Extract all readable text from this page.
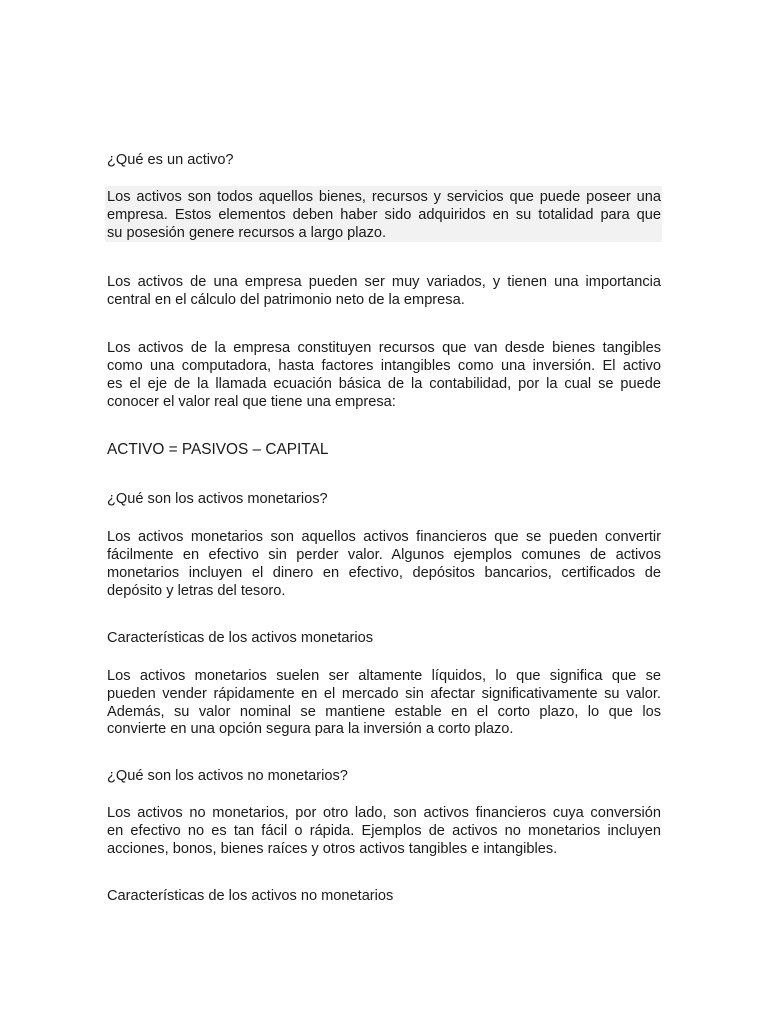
¿Qué es un activo?
Los activos son todos aquellos bienes, recursos y servicios que puede poseer una
empresa. Estos elementos deben haber sido adquiridos en su totalidad para que
su posesión genere recursos a largo plazo.
Los activos de una empresa pueden ser muy variados, y tienen una importancia
central en el cálculo del patrimonio neto de la empresa.
Los activos de la empresa constituyen recursos que van desde bienes tangibles
como una computadora, hasta factores intangibles como una inversión. El activo
es el eje de la llamada ecuación básica de la contabilidad, por la cual se puede
conocer el valor real que tiene una empresa:
ACTIVO = PASIVOS – CAPITAL
¿Qué son los activos monetarios?
Los activos monetarios son aquellos activos financieros que se pueden convertir
fácilmente en efectivo sin perder valor. Algunos ejemplos comunes de activos
monetarios incluyen el dinero en efectivo, depósitos bancarios, certificados de
depósito y letras del tesoro.
Características de los activos monetarios
Los activos monetarios suelen ser altamente líquidos, lo que significa que se
pueden vender rápidamente en el mercado sin afectar significativamente su valor.
Además, su valor nominal se mantiene estable en el corto plazo, lo que los
convierte en una opción segura para la inversión a corto plazo.
¿Qué son los activos no monetarios?
Los activos no monetarios, por otro lado, son activos financieros cuya conversión
en efectivo no es tan fácil o rápida. Ejemplos de activos no monetarios incluyen
acciones, bonos, bienes raíces y otros activos tangibles e intangibles.
Características de los activos no monetarios
